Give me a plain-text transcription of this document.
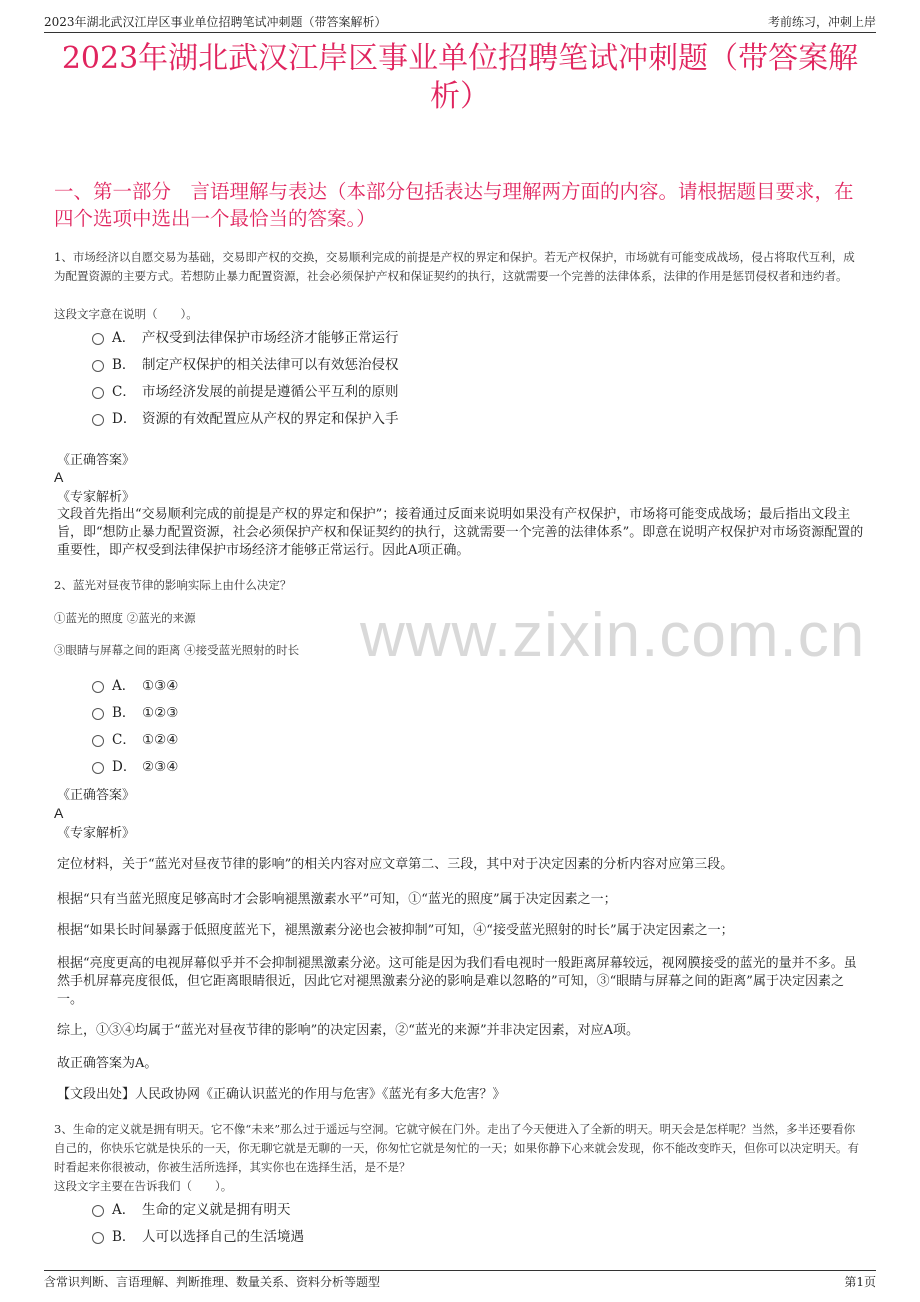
2023年湖北武汉江岸区事业单位招聘笔试冲刺题（带答案解析）	考前练习，冲刺上岸
2023年湖北武汉江岸区事业单位招聘笔试冲刺题（带答案解析）
一、第一部分　言语理解与表达（本部分包括表达与理解两方面的内容。请根据题目要求，在四个选项中选出一个最恰当的答案。）
1、市场经济以自愿交易为基础，交易即产权的交换，交易顺利完成的前提是产权的界定和保护。若无产权保护，市场就有可能变成战场，侵占将取代互利，成为配置资源的主要方式。若想防止暴力配置资源，社会必须保护产权和保证契约的执行，这就需要一个完善的法律体系，法律的作用是惩罚侵权者和违约者。
这段文字意在说明（　　）。
A． 产权受到法律保护市场经济才能够正常运行
B． 制定产权保护的相关法律可以有效惩治侵权
C． 市场经济发展的前提是遵循公平互利的原则
D． 资源的有效配置应从产权的界定和保护入手
《正确答案》
A
《专家解析》
文段首先指出“交易顺利完成的前提是产权的界定和保护”；接着通过反面来说明如果没有产权保护，市场将可能变成战场；最后指出文段主旨，即“想防止暴力配置资源，社会必须保护产权和保证契约的执行，这就需要一个完善的法律体系”。即意在说明产权保护对市场资源配置的重要性，即产权受到法律保护市场经济才能够正常运行。因此A项正确。
2、蓝光对昼夜节律的影响实际上由什么决定？
①蓝光的照度 ②蓝光的来源
③眼睛与屏幕之间的距离 ④接受蓝光照射的时长
A． ①③④
B． ①②③
C． ①②④
D． ②③④
《正确答案》
A
《专家解析》
定位材料，关于“蓝光对昼夜节律的影响”的相关内容对应文章第二、三段，其中对于决定因素的分析内容对应第三段。
根据“只有当蓝光照度足够高时才会影响褪黑激素水平”可知，①“蓝光的照度”属于决定因素之一；
根据“如果长时间暴露于低照度蓝光下，褪黑激素分泌也会被抑制”可知，④“接受蓝光照射的时长”属于决定因素之一；
根据“亮度更高的电视屏幕似乎并不会抑制褪黑激素分泌。这可能是因为我们看电视时一般距离屏幕较远，视网膜接受的蓝光的量并不多。虽然手机屏幕亮度很低，但它距离眼睛很近，因此它对褪黑激素分泌的影响是难以忽略的”可知，③“眼睛与屏幕之间的距离”属于决定因素之一。
综上，①③④均属于“蓝光对昼夜节律的影响”的决定因素，②“蓝光的来源”并非决定因素，对应A项。
故正确答案为A。
【文段出处】人民政协网《正确认识蓝光的作用与危害》《蓝光有多大危害？》
3、生命的定义就是拥有明天。它不像“未来”那么过于遥远与空洞。它就守候在门外。走出了今天便进入了全新的明天。明天会是怎样呢？当然，多半还要看你自己的，你快乐它就是快乐的一天，你无聊它就是无聊的一天，你匆忙它就是匆忙的一天；如果你静下心来就会发现，你不能改变昨天，但你可以决定明天。有时看起来你很被动，你被生活所选择，其实你也在选择生活，是不是？
这段文字主要在告诉我们（　　）。
A． 生命的定义就是拥有明天
B． 人可以选择自己的生活境遇
www.zixin.com.cn
含常识判断、言语理解、判断推理、数量关系、资料分析等题型	第1页
